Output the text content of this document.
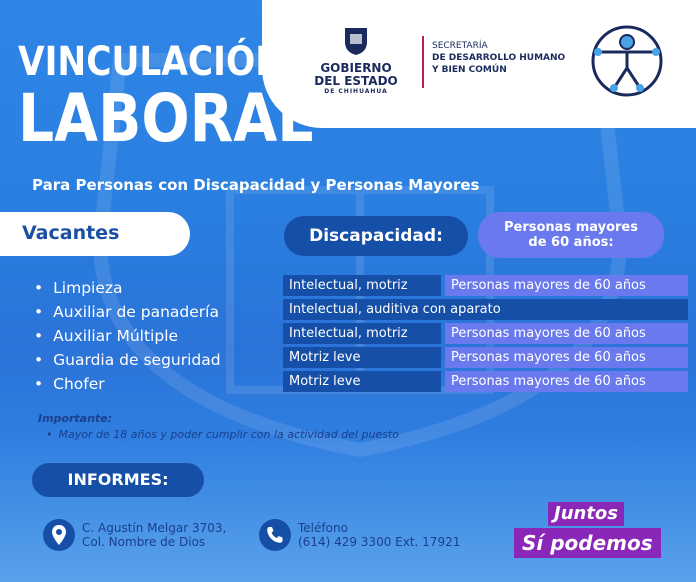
VINCULACIÓN
LABORAL
Para Personas con Discapacidad y Personas Mayores
GOBIERNO
DEL ESTADO
DE CHIHUAHUA
SECRETARÍA
DE DESARROLLO HUMANO
Y BIEN COMÚN
Vacantes	Discapacidad:	Personas mayores
de 60 años:
• Limpieza
• Auxiliar de panadería
• Auxiliar Múltiple
• Guardia de seguridad
• Chofer
Intelectual, motriz	Personas mayores de 60 años
Intelectual, auditiva con aparato
Intelectual, motriz	Personas mayores de 60 años
Motriz leve	Personas mayores de 60 años
Motriz leve	Personas mayores de 60 años
Importante:
• Mayor de 18 años y poder cumplir con la actividad del puesto
INFORMES:
C. Agustín Melgar 3703,
Col. Nombre de Dios
Teléfono
(614) 429 3300 Ext. 17921
Juntos
Sí podemos
